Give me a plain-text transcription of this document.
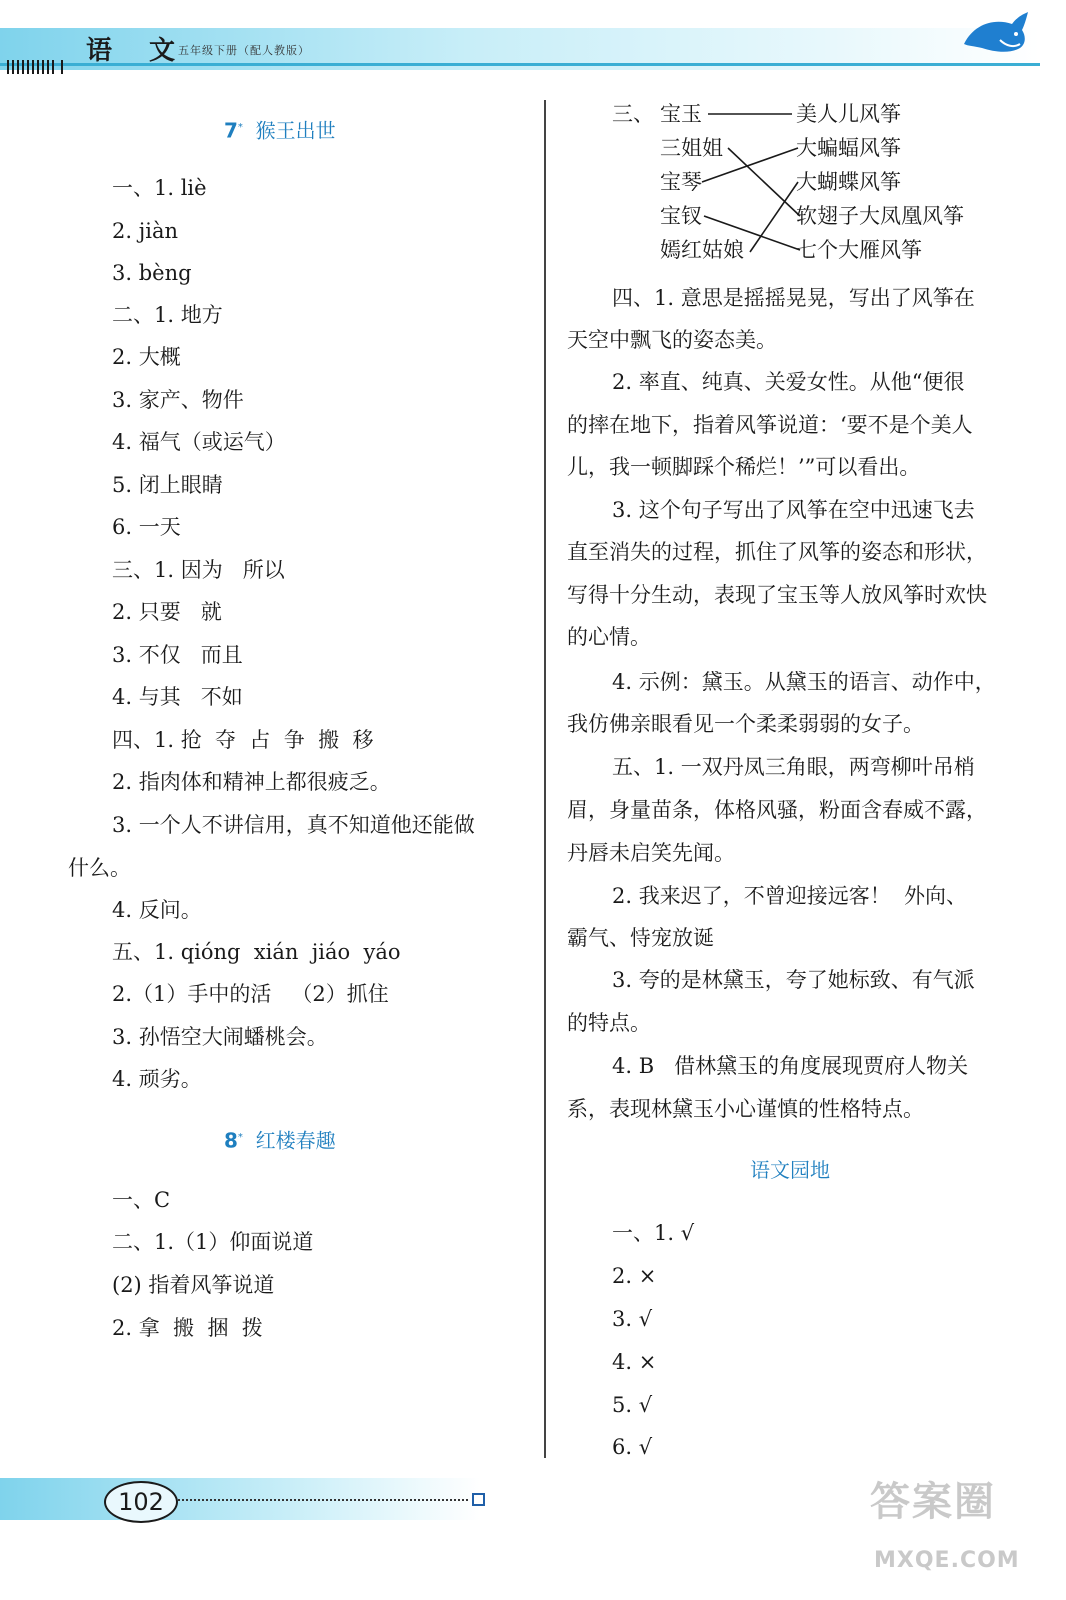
语 文
五年级下册（配人教版）
7* 猴王出世
一、1. liè
2. jiàn
3. bèng
二、1. 地方
2. 大概
3. 家产、物件
4. 福气（或运气）
5. 闭上眼睛
6. 一天
三、1. 因为   所以
2. 只要   就
3. 不仅   而且
4. 与其   不如
四、1. 抢  夺  占  争  搬  移
2. 指肉体和精神上都很疲乏。
3. 一个人不讲信用，真不知道他还能做
什么。
4. 反问。
五、1. qióng  xián  jiáo  yáo
2.（1）手中的活   （2）抓住
3. 孙悟空大闹蟠桃会。
4. 顽劣。
8* 红楼春趣
一、C
二、1.（1）仰面说道
(2) 指着风筝说道
2. 拿  搬  捆  拨
三、 宝玉
三姐姐
宝琴
宝钗
嫣红姑娘
美人儿风筝
大蝙蝠风筝
大蝴蝶风筝
软翅子大凤凰风筝
七个大雁风筝
四、1. 意思是摇摇晃晃，写出了风筝在
天空中飘飞的姿态美。
2. 率直、纯真、关爱女性。从他“便很
的摔在地下，指着风筝说道：‘要不是个美人
儿，我一顿脚踩个稀烂！’”可以看出。
3. 这个句子写出了风筝在空中迅速飞去
直至消失的过程，抓住了风筝的姿态和形状，
写得十分生动，表现了宝玉等人放风筝时欢快
的心情。
4. 示例：黛玉。从黛玉的语言、动作中，
我仿佛亲眼看见一个柔柔弱弱的女子。
五、1. 一双丹凤三角眼，两弯柳叶吊梢
眉，身量苗条，体格风骚，粉面含春威不露，
丹唇未启笑先闻。
2. 我来迟了，不曾迎接远客！  外向、
霸气、恃宠放诞
3. 夸的是林黛玉，夸了她标致、有气派
的特点。
4. B   借林黛玉的角度展现贾府人物关
系，表现林黛玉小心谨慎的性格特点。
语文园地
一、1. √
2. ×
3. √
4. ×
5. √
6. √
102	答案圈
MXQE.COM
